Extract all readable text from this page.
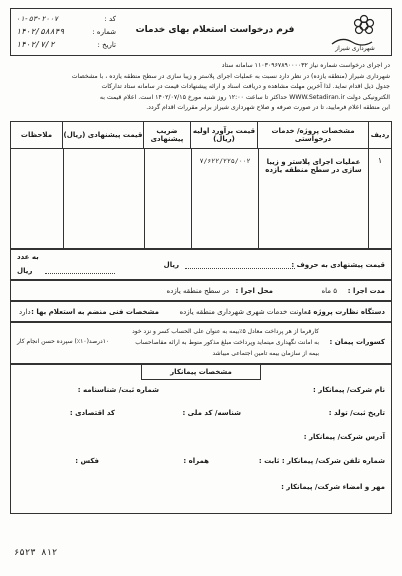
شهرداری شیراز
فرم درخواست استعلام بهای خدمات
کد :
۰۱-۵۳-۲۰۰۷
شماره :
۱۴۰۲/۵۸۸۴۹
تاریخ :
۱۴۰۲/۷/۲
در اجرای درخواست شماره نیاز ۱۱۰۳۰۹۶۷۸۹۰۰۰۰۳۲ سامانه ستاد
شهرداری شیراز (منطقه یازده) در نظر دارد نسبت به عملیات اجرای پلاستر و زیبا سازی در سطح منطقه یازده ، با مشخصات
جدول ذیل اقدام نماید. لذا آخرین مهلت مشاهده و دریافت اسناد و ارائه پیشنهادات قیمت در سامانه ستاد تدارکات
الکترونیکی دولت WWW.Setadiran.ir حداکثر تا ساعت ۱۲:۰۰ روز شنبه مورخ ۱۴۰۲/۰۷/۱۵ است. اعلام قیمت به
این منطقه اعلام فرمایید، تا در صورت صرفه و صلاح شهرداری شیراز برابر مقررات اقدام گردد.
ردیف
مشخصات پروژه/ خدمات درخواستی
قیمت برآورد اولیه (ریال)
ضریب پیشنهادی
قیمت پیشنهادی (ریال)
ملاحظات
۱
عملیات اجرای پلاستر و زیبا سازی در سطح منطقه یازده
۷/۶۲۲/۲۲۵/۰۰۲
قیمت پیشنهادی به حروف :
ریال
به عدد
ریال
مدت اجرا :
۵ ماه
محل اجرا :
در سطح منطقه یازده
دستگاه نظارت پروژه :
معاونت خدمات شهری شهرداری منطقه یازده
مشخصات فنی منضم به استعلام بها :
دارد
کسورات پیمان :
کارفرما از هر پرداخت معادل ۵٪بیمه به عنوان علی الحساب کسر و نزد خود
به امانت نگهداری مینماید وپرداخت مبلغ مذکور منوط به ارائه مفاصاحساب
بیمه از سازمان بیمه تامین اجتماعی میباشد
۱۰درصد(۱۰٪) سپرده حسن انجام کار
مشخصات پیمانکار
نام شرکت/ پیمانکار :
شماره ثبت/ شناسنامه :
تاریخ ثبت/ تولد :
شناسه/ کد ملی :
کد اقتصادی :
آدرس شرکت/ پیمانکار :
شماره تلفن شرکت/ پیمانکار : ثابت :
همراه :
فکس :
مهر و امضاء شرکت/ پیمانکار :
۶۵۲۳ ۸۱۲
